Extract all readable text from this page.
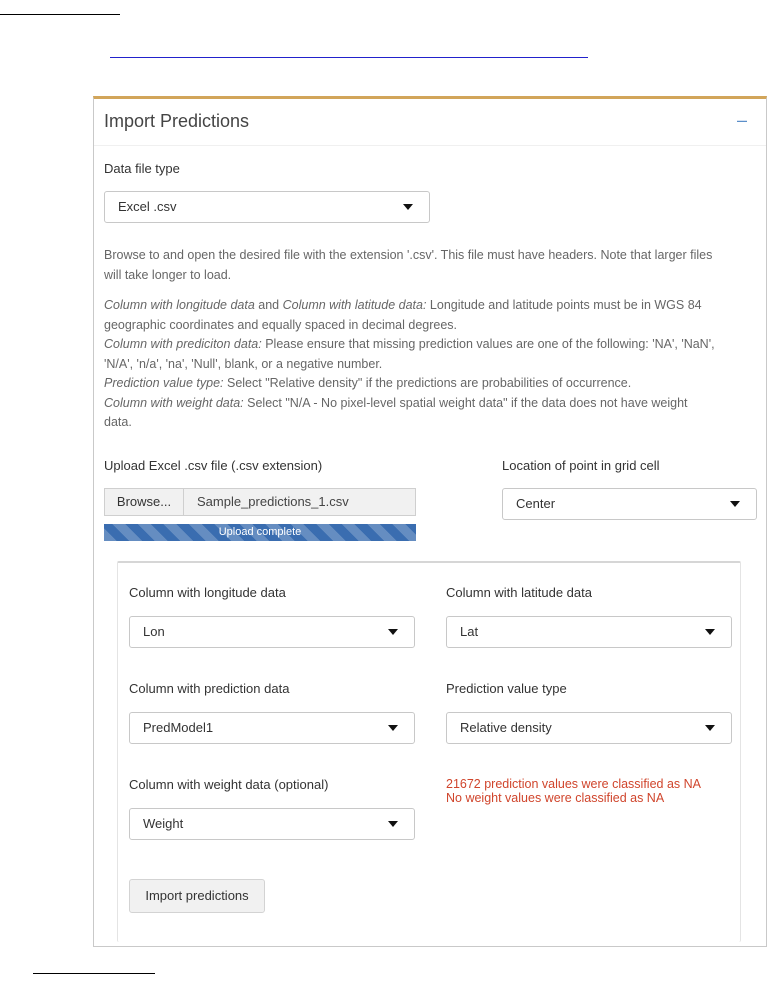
Import Predictions	–
Data file type
Excel .csv
Browse to and open the desired file with the extension '.csv'. This file must have headers. Note that larger files
will take longer to load.
Column with longitude data and Column with latitude data: Longitude and latitude points must be in WGS 84
geographic coordinates and equally spaced in decimal degrees.
Column with prediciton data: Please ensure that missing prediction values are one of the following: 'NA', 'NaN',
'N/A', 'n/a', 'na', 'Null', blank, or a negative number.
Prediction value type: Select "Relative density" if the predictions are probabilities of occurrence.
Column with weight data: Select "N/A - No pixel-level spatial weight data" if the data does not have weight
data.
Upload Excel .csv file (.csv extension)
Browse...	Sample_predictions_1.csv
Upload complete
Location of point in grid cell
Center
Column with longitude data
Lon
Column with latitude data
Lat
Column with prediction data
PredModel1
Prediction value type
Relative density
Column with weight data (optional)
Weight
21672 prediction values were classified as NA
No weight values were classified as NA
Import predictions
